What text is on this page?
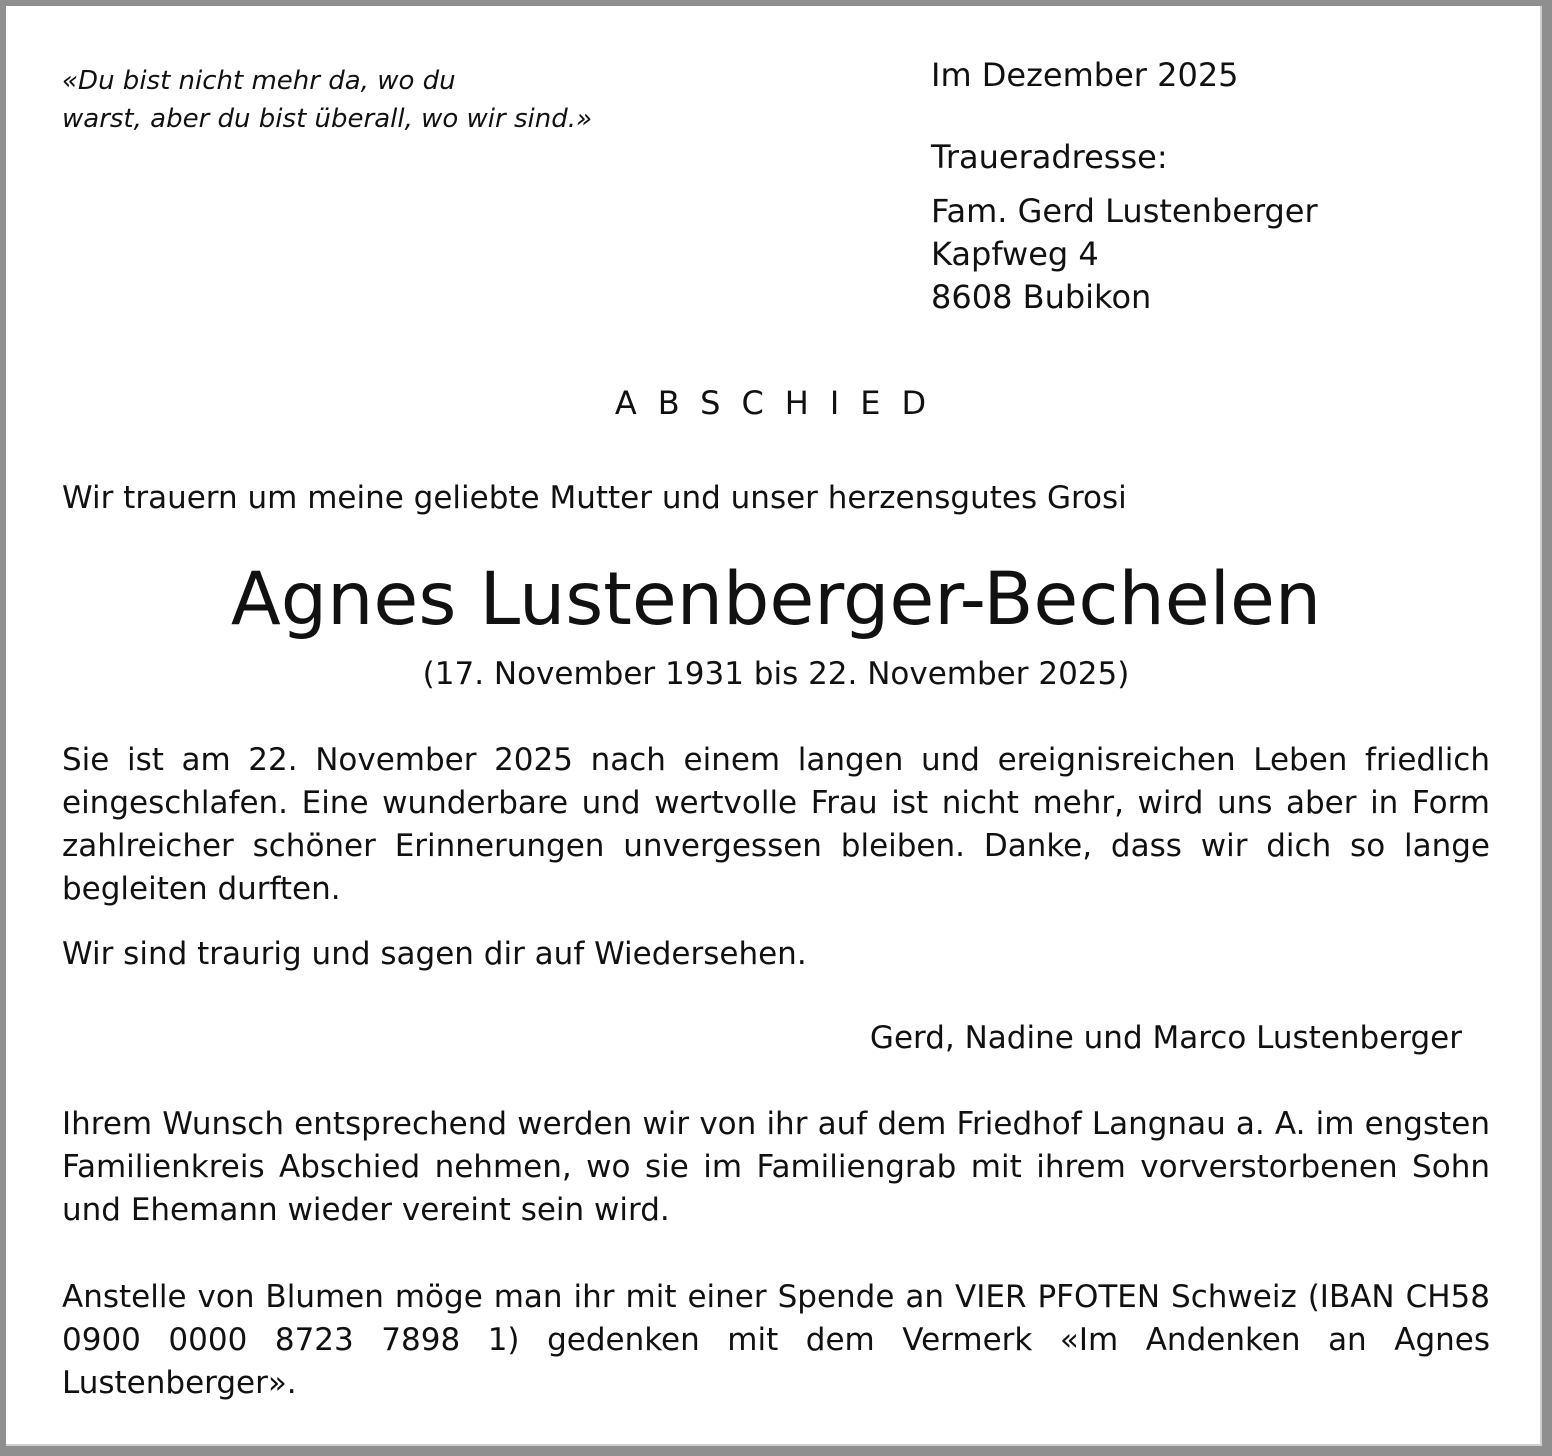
«Du bist nicht mehr da, wo du
warst, aber du bist überall, wo wir sind.»
Im Dezember 2025
Traueradresse:
Fam. Gerd Lustenberger
Kapfweg 4
8608 Bubikon
ABSCHIED
Wir trauern um meine geliebte Mutter und unser herzensgutes Grosi
Agnes Lustenberger-Bechelen
(17. November 1931 bis 22. November 2025)
Sie ist am 22. November 2025 nach einem langen und ereignisreichen Leben friedlich eingeschlafen. Eine wunderbare und wertvolle Frau ist nicht mehr, wird uns aber in Form zahlreicher schöner Erinnerungen unvergessen bleiben. Danke, dass wir dich so lange begleiten durften.
Wir sind traurig und sagen dir auf Wiedersehen.
Gerd, Nadine und Marco Lustenberger
Ihrem Wunsch entsprechend werden wir von ihr auf dem Friedhof Langnau a. A. im engsten Familienkreis Abschied nehmen, wo sie im Familiengrab mit ihrem vorverstorbenen Sohn und Ehemann wieder vereint sein wird.
Anstelle von Blumen möge man ihr mit einer Spende an VIER PFOTEN Schweiz (IBAN CH58 0900 0000 8723 7898 1) gedenken mit dem Vermerk «Im Andenken an Agnes Lustenberger».
